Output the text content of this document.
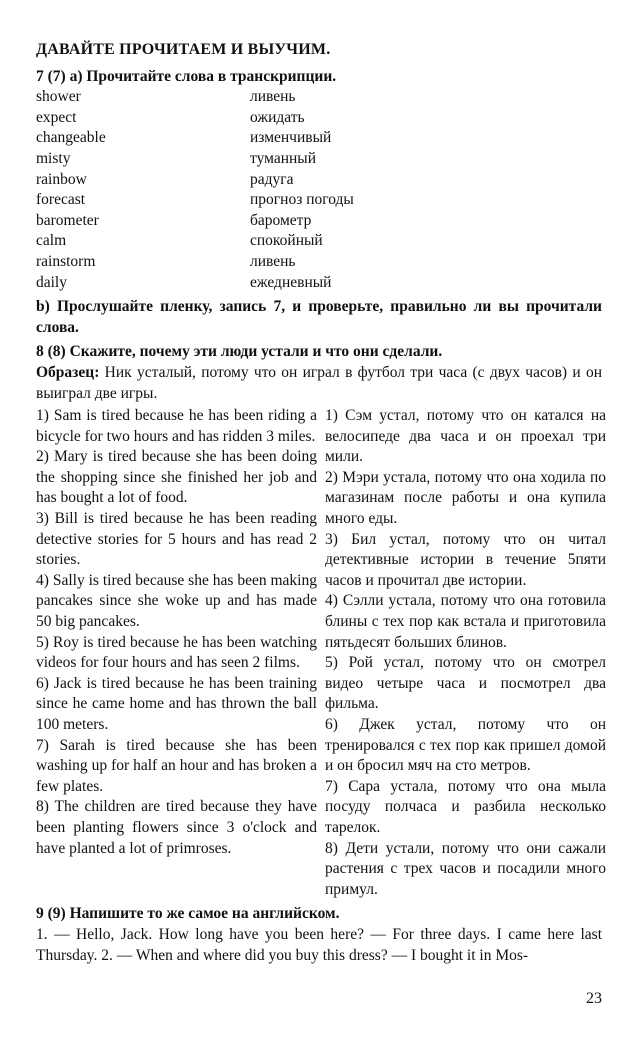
ДАВАЙТЕ ПРОЧИТАЕМ И ВЫУЧИМ.
7 (7) а) Прочитайте слова в транскрипции.
shower	ливень
expect	ожидать
changeable	изменчивый
misty	туманный
rainbow	радуга
forecast	прогноз погоды
barometer	барометр
calm	спокойный
rainstorm	ливень
daily	ежедневный
b) Прослушайте пленку, запись 7, и проверьте, правильно ли вы прочитали слова.
8 (8) Скажите, почему эти люди устали и что они сделали.
Образец: Ник усталый, потому что он играл в футбол три часа (с двух часов) и он выиграл две игры.
1) Sam is tired because he has been riding a bicycle for two hours and has ridden 3 miles.
2) Mary is tired because she has been doing the shopping since she finished her job and has bought a lot of food.
3) Bill is tired because he has been reading detective stories for 5 hours and has read 2 stories.
4) Sally is tired because she has been making pancakes since she woke up and has made 50 big pancakes.
5) Roy is tired because he has been watching videos for four hours and has seen 2 films.
6) Jack is tired because he has been training since he came home and has thrown the ball 100 meters.
7) Sarah is tired because she has been washing up for half an hour and has broken a few plates.
8) The children are tired because they have been planting flowers since 3 o'clock and have planted a lot of primroses.
1) Сэм устал, потому что он катался на велосипеде два часа и он проехал три мили.
2) Мэри устала, потому что она ходила по магазинам после работы и она купила много еды.
3) Бил устал, потому что он читал детективные истории в течение 5пяти часов и прочитал две истории.
4) Сэлли устала, потому что она готовила блины с тех пор как встала и приготовила пятьдесят больших блинов.
5) Рой устал, потому что он смотрел видео четыре часа и посмотрел два фильма.
6) Джек устал, потому что он тренировался с тех пор как пришел домой и он бросил мяч на сто метров.
7) Сара устала, потому что она мыла посуду полчаса и разбила несколько тарелок.
8) Дети устали, потому что они сажали растения с трех часов и посадили много примул.
9 (9) Напишите то же самое на английском.
1. — Hello, Jack. How long have you been here? — For three days. I came here last Thursday. 2. — When and where did you buy this dress? — I bought it in Mos-
23
